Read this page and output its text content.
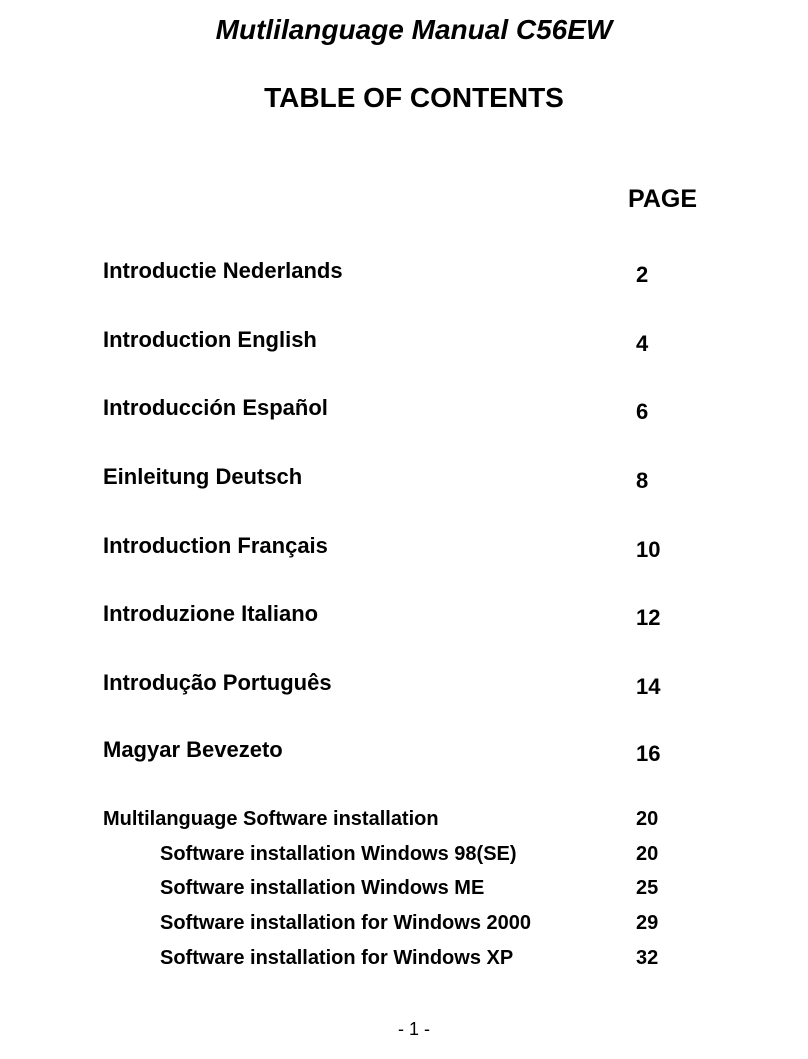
Mutlilanguage Manual C56EW
TABLE OF CONTENTS
PAGE
Introductie Nederlands	2
Introduction English	4
Introducción Español	6
Einleitung Deutsch	8
Introduction Français	10
Introduzione Italiano	12
Introdução Português	14
Magyar Bevezeto	16
Multilanguage Software installation	20
Software installation Windows 98(SE)	20
Software installation Windows ME	25
Software installation for Windows 2000	29
Software installation for Windows XP	32
- 1 -
